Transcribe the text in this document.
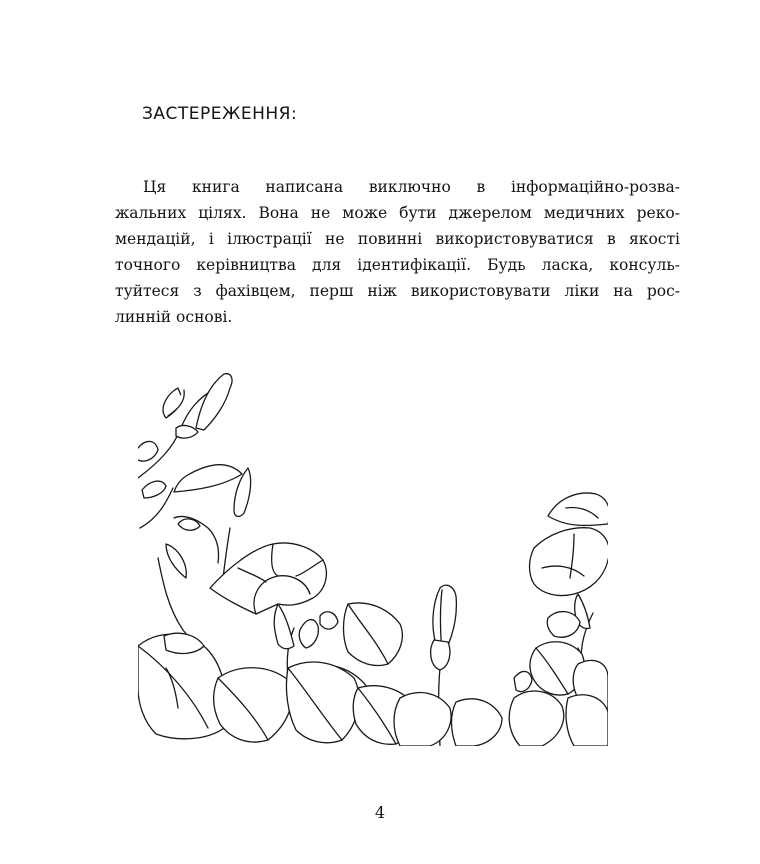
ЗАСТЕРЕЖЕННЯ:

Ця книга написана виключно в інформаційно-розва-
жальних цілях. Вона не може бути джерелом медичних реко-
мендацій, і ілюстрації не повинні використовуватися в якості
точного керівництва для ідентифікації. Будь ласка, консуль-
туйтеся з фахівцем, перш ніж використовувати ліки на рос-
линній основі.

4
